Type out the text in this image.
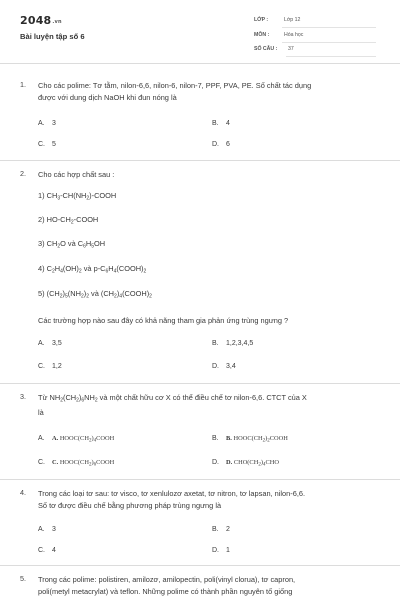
2048.vn
Bài luyện tập số 6
LỚP :	Lớp 12
MÔN :	Hóa học
SỐ CÂU : 37
1. Cho các polime: Tơ tằm, nilon-6,6, nilon-6, nilon-7, PPF, PVA, PE. Số chất tác dụng
được với dung dịch NaOH khi đun nóng là
A. 3	B. 4
C. 5	D. 6
2. Cho các hợp chất sau :
1) $CH_3-CH(NH_2)$-COOH
2) $HO-CH_2$-COOH
3) $CH_2O$ và $C_6H_5OH$
4) $C_2H_4(OH)_2$ và $p-C_6H_4(COOH)_2$
5) $(CH_2)_5(NH_2)_2$ và $(CH_2)_4(COOH)_2$
Các trường hợp nào sau đây có khả năng tham gia phản ứng trùng ngưng ?
A. 3,5	B. 1,2,3,4,5
C. 1,2	D. 3,4
3. Từ $NH_2(CH_2)_6NH_2$ và một chất hữu cơ X có thể điều chế tơ nilon-6,6. CTCT của X
là
A. A. $HOOC(CH_2)_4COOH$	B. B. $HOOC(CH_2)_2COOH$
C. C. $HOOC(CH_2)_6COOH$	D. D. $CHO(CH_2)_4CHO$
4. Trong các loại tơ sau: tơ visco, tơ xenlulozơ axetat, tơ nitron, tơ lapsan, nilon-6,6.
Số tơ được điều chế bằng phương pháp trùng ngưng là
A. 3	B. 2
C. 4	D. 1
5. Trong các polime: polistiren, amilozơ, amilopectin, poli(vinyl clorua), tơ capron,
poli(metyl metacrylat) và teflon. Những polime có thành phần nguyên tố giống
